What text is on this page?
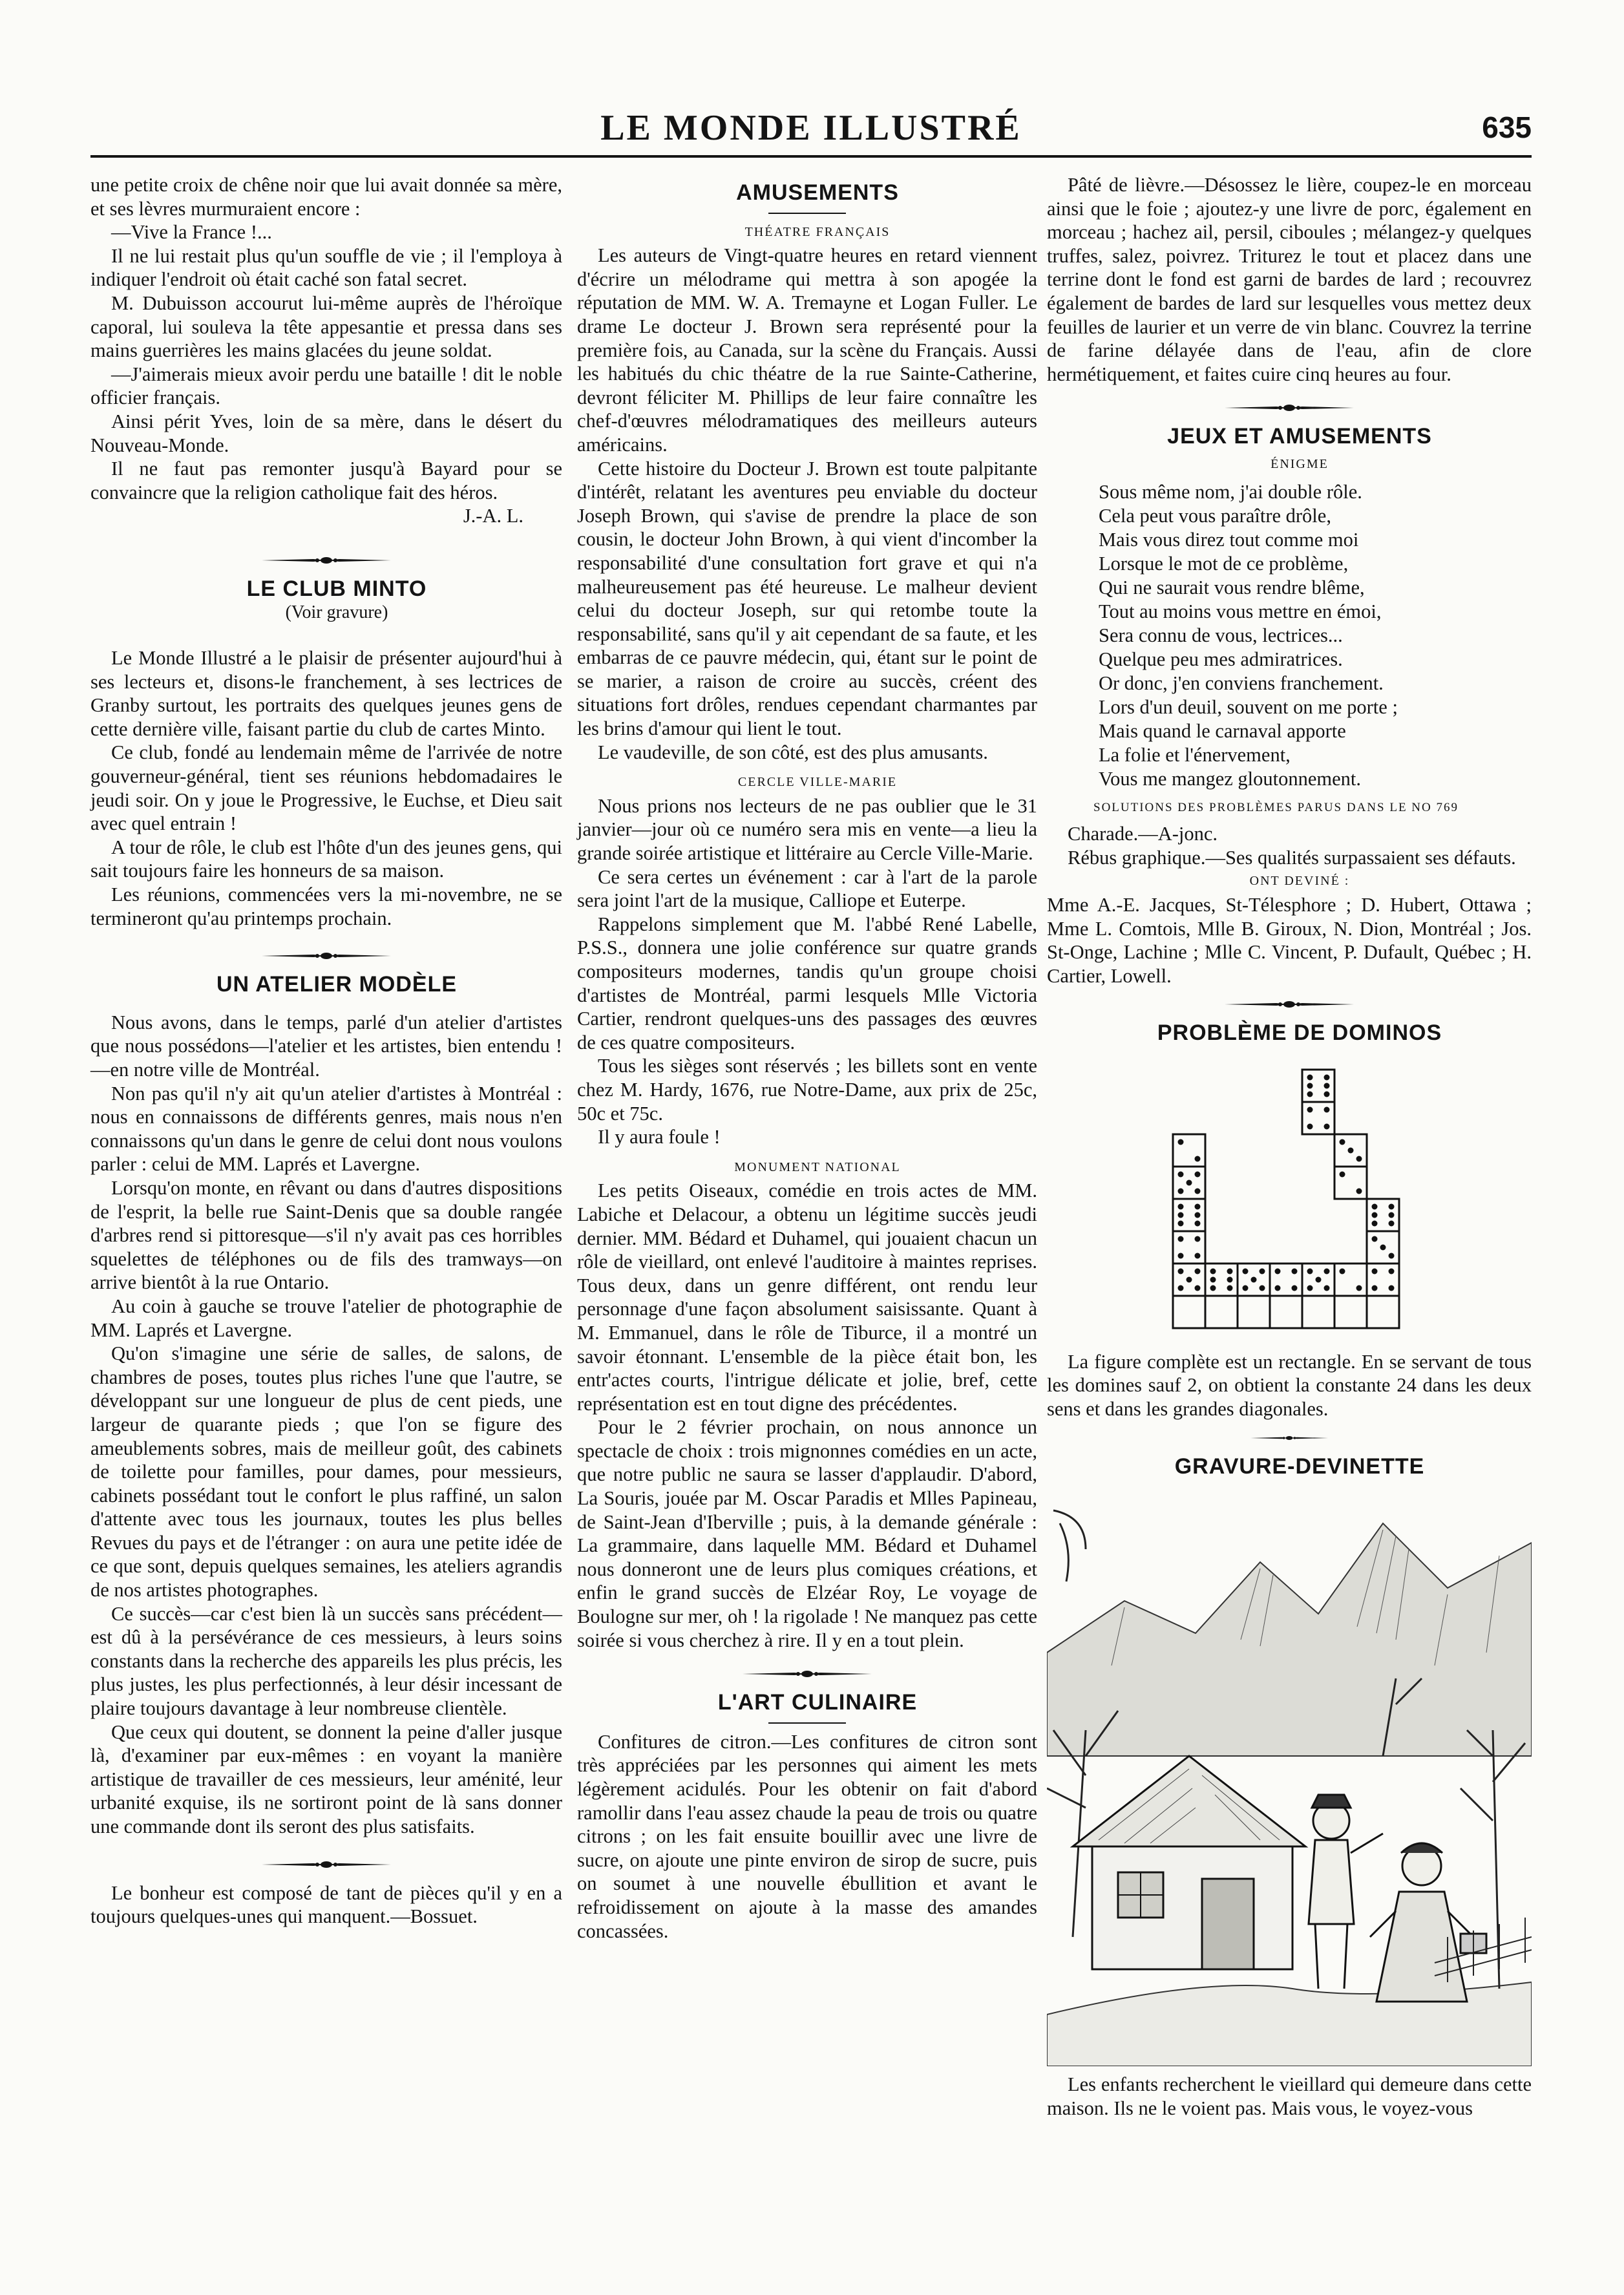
LE MONDE ILLUSTRÉ	635

une petite croix de chêne noir que lui avait donnée sa mère, et ses lèvres murmuraient encore :

—Vive la France !...

Il ne lui restait plus qu'un souffle de vie ; il l'employa à indiquer l'endroit où était caché son fatal secret.

M. Dubuisson accourut lui-même auprès de l'héroïque caporal, lui souleva la tête appesantie et pressa dans ses mains guerrières les mains glacées du jeune soldat.

—J'aimerais mieux avoir perdu une bataille ! dit le noble officier français.

Ainsi périt Yves, loin de sa mère, dans le désert du Nouveau-Monde.

Il ne faut pas remonter jusqu'à Bayard pour se convaincre que la religion catholique fait des héros.

J.-A. L.

LE CLUB MINTO

(Voir gravure)

Le Monde Illustré a le plaisir de présenter aujourd'hui à ses lecteurs et, disons-le franchement, à ses lectrices de Granby surtout, les portraits des quelques jeunes gens de cette dernière ville, faisant partie du club de cartes Minto.

Ce club, fondé au lendemain même de l'arrivée de notre gouverneur-général, tient ses réunions hebdomadaires le jeudi soir. On y joue le Progressive, le Euchse, et Dieu sait avec quel entrain !

A tour de rôle, le club est l'hôte d'un des jeunes gens, qui sait toujours faire les honneurs de sa maison.

Les réunions, commencées vers la mi-novembre, ne se termineront qu'au printemps prochain.

UN ATELIER MODÈLE

Nous avons, dans le temps, parlé d'un atelier d'artistes que nous possédons—l'atelier et les artistes, bien entendu !—en notre ville de Montréal.

Non pas qu'il n'y ait qu'un atelier d'artistes à Montréal : nous en connaissons de différents genres, mais nous n'en connaissons qu'un dans le genre de celui dont nous voulons parler : celui de MM. Laprés et Lavergne.

Lorsqu'on monte, en rêvant ou dans d'autres dispositions de l'esprit, la belle rue Saint-Denis que sa double rangée d'arbres rend si pittoresque—s'il n'y avait pas ces horribles squelettes de téléphones ou de fils des tramways—on arrive bientôt à la rue Ontario.

Au coin à gauche se trouve l'atelier de photographie de MM. Laprés et Lavergne.

Qu'on s'imagine une série de salles, de salons, de chambres de poses, toutes plus riches l'une que l'autre, se développant sur une longueur de plus de cent pieds, une largeur de quarante pieds ; que l'on se figure des ameublements sobres, mais de meilleur goût, des cabinets de toilette pour familles, pour dames, pour messieurs, cabinets possédant tout le confort le plus raffiné, un salon d'attente avec tous les journaux, toutes les plus belles Revues du pays et de l'étranger : on aura une petite idée de ce que sont, depuis quelques semaines, les ateliers agrandis de nos artistes photographes.

Ce succès—car c'est bien là un succès sans précédent—est dû à la persévérance de ces messieurs, à leurs soins constants dans la recherche des appareils les plus précis, les plus justes, les plus perfectionnés, à leur désir incessant de plaire toujours davantage à leur nombreuse clientèle.

Que ceux qui doutent, se donnent la peine d'aller jusque là, d'examiner par eux-mêmes : en voyant la manière artistique de travailler de ces messieurs, leur aménité, leur urbanité exquise, ils ne sortiront point de là sans donner une commande dont ils seront des plus satisfaits.

Le bonheur est composé de tant de pièces qu'il y en a toujours quelques-unes qui manquent.—Bossuet.

AMUSEMENTS

THÉATRE FRANÇAIS

Les auteurs de Vingt-quatre heures en retard viennent d'écrire un mélodrame qui mettra à son apogée la réputation de MM. W. A. Tremayne et Logan Fuller. Le drame Le docteur J. Brown sera représenté pour la première fois, au Canada, sur la scène du Français. Aussi les habitués du chic théatre de la rue Sainte-Catherine, devront féliciter M. Phillips de leur faire connaître les chef-d'œuvres mélodramatiques des meilleurs auteurs américains.

Cette histoire du Docteur J. Brown est toute palpitante d'intérêt, relatant les aventures peu enviable du docteur Joseph Brown, qui s'avise de prendre la place de son cousin, le docteur John Brown, à qui vient d'incomber la responsabilité d'une consultation fort grave et qui n'a malheureusement pas été heureuse. Le malheur devient celui du docteur Joseph, sur qui retombe toute la responsabilité, sans qu'il y ait cependant de sa faute, et les embarras de ce pauvre médecin, qui, étant sur le point de se marier, a raison de croire au succès, créent des situations fort drôles, rendues cependant charmantes par les brins d'amour qui lient le tout.

Le vaudeville, de son côté, est des plus amusants.

CERCLE VILLE-MARIE

Nous prions nos lecteurs de ne pas oublier que le 31 janvier—jour où ce numéro sera mis en vente—a lieu la grande soirée artistique et littéraire au Cercle Ville-Marie.

Ce sera certes un événement : car à l'art de la parole sera joint l'art de la musique, Calliope et Euterpe.

Rappelons simplement que M. l'abbé René Labelle, P.S.S., donnera une jolie conférence sur quatre grands compositeurs modernes, tandis qu'un groupe choisi d'artistes de Montréal, parmi lesquels Mlle Victoria Cartier, rendront quelques-uns des passages des œuvres de ces quatre compositeurs.

Tous les sièges sont réservés ; les billets sont en vente chez M. Hardy, 1676, rue Notre-Dame, aux prix de 25c, 50c et 75c.

Il y aura foule !

MONUMENT NATIONAL

Les petits Oiseaux, comédie en trois actes de MM. Labiche et Delacour, a obtenu un légitime succès jeudi dernier. MM. Bédard et Duhamel, qui jouaient chacun un rôle de vieillard, ont enlevé l'auditoire à maintes reprises. Tous deux, dans un genre différent, ont rendu leur personnage d'une façon absolument saisissante. Quant à M. Emmanuel, dans le rôle de Tiburce, il a montré un savoir étonnant. L'ensemble de la pièce était bon, les entr'actes courts, l'intrigue délicate et jolie, bref, cette représentation est en tout digne des précédentes.

Pour le 2 février prochain, on nous annonce un spectacle de choix : trois mignonnes comédies en un acte, que notre public ne saura se lasser d'applaudir. D'abord, La Souris, jouée par M. Oscar Paradis et Mlles Papineau, de Saint-Jean d'Iberville ; puis, à la demande générale : La grammaire, dans laquelle MM. Bédard et Duhamel nous donneront une de leurs plus comiques créations, et enfin le grand succès de Elzéar Roy, Le voyage de Boulogne sur mer, oh ! la rigolade ! Ne manquez pas cette soirée si vous cherchez à rire. Il y en a tout plein.

L'ART CULINAIRE

Confitures de citron.—Les confitures de citron sont très appréciées par les personnes qui aiment les mets légèrement acidulés. Pour les obtenir on fait d'abord ramollir dans l'eau assez chaude la peau de trois ou quatre citrons ; on les fait ensuite bouillir avec une livre de sucre, on ajoute une pinte environ de sirop de sucre, puis on soumet à une nouvelle ébullition et avant le refroidissement on ajoute à la masse des amandes concassées.

Pâté de lièvre.—Désossez le lière, coupez-le en morceau ainsi que le foie ; ajoutez-y une livre de porc, également en morceau ; hachez ail, persil, ciboules ; mélangez-y quelques truffes, salez, poivrez. Triturez le tout et placez dans une terrine dont le fond est garni de bardes de lard ; recouvrez également de bardes de lard sur lesquelles vous mettez deux feuilles de laurier et un verre de vin blanc. Couvrez la terrine de farine délayée dans de l'eau, afin de clore hermétiquement, et faites cuire cinq heures au four.

JEUX ET AMUSEMENTS

ÉNIGME

Sous même nom, j'ai double rôle.
Cela peut vous paraître drôle,
Mais vous direz tout comme moi
Lorsque le mot de ce problème,
Qui ne saurait vous rendre blême,
Tout au moins vous mettre en émoi,
Sera connu de vous, lectrices...
Quelque peu mes admiratrices.
Or donc, j'en conviens franchement.
Lors d'un deuil, souvent on me porte ;
Mais quand le carnaval apporte
La folie et l'énervement,
Vous me mangez gloutonnement.

SOLUTIONS DES PROBLÈMES PARUS DANS LE NO 769

Charade.—A-jonc.

Rébus graphique.—Ses qualités surpassaient ses défauts.

ONT DEVINÉ :

Mme A.-E. Jacques, St-Télesphore ; D. Hubert, Ottawa ; Mme L. Comtois, Mlle B. Giroux, N. Dion, Montréal ; Jos. St-Onge, Lachine ; Mlle C. Vincent, P. Dufault, Québec ; H. Cartier, Lowell.

PROBLÈME DE DOMINOS

La figure complète est un rectangle. En se servant de tous les domines sauf 2, on obtient la constante 24 dans les deux sens et dans les grandes diagonales.

GRAVURE-DEVINETTE

Les enfants recherchent le vieillard qui demeure dans cette maison. Ils ne le voient pas. Mais vous, le voyez-vous
